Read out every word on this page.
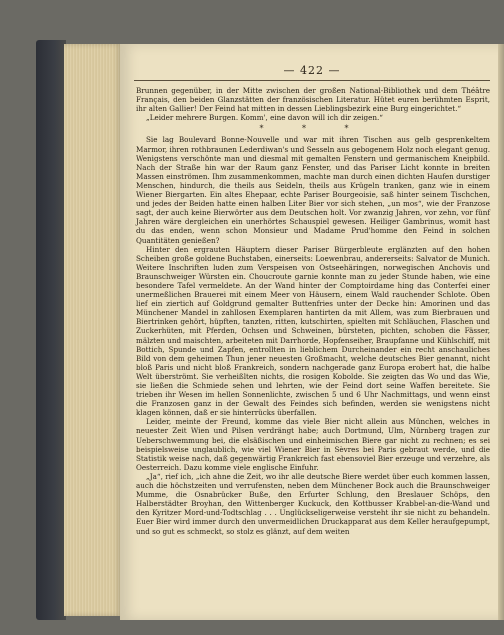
— 422 —

Brunnen gegenüber, in der Mitte zwischen der großen National-Bibliothek und dem Théâtre Français, den beiden Glanzstätten der französischen Literatur. Hütet euren berühmten Esprit, ihr alten Gallier! Der Feind hat mitten in dessen Lieblingsbezirk eine Burg eingerichtet.“

„Leider mehrere Burgen. Komm', eine davon will ich dir zeigen.“

* * *

Sie lag Boulevard Bonne-Nouvelle und war mit ihren Tischen aus gelb gesprenkeltem Marmor, ihren rothbraunen Lederdiwan's und Sesseln aus gebogenem Holz noch elegant genug. Wenigstens verschönte man und diesmal mit gemalten Fenstern und germanischem Kneipbild. Nach der Straße hin war der Raum ganz Fenster, und das Pariser Licht konnte in breiten Massen einströmen. Ihm zusammenkommen, machte man durch einen dichten Haufen durstiger Menschen, hindurch, die theils aus Seideln, theils aus Krügeln tranken, ganz wie in einem Wiener Biergarten. Ein altes Ehepaar, echte Pariser Bourgeoisie, saß hinter seinem Tischchen, und jedes der Beiden hatte einen halben Liter Bier vor sich stehen, „un mos“, wie der Franzose sagt, der auch keine Bierwörter aus dem Deutschen holt. Vor zwanzig Jahren, vor zehn, vor fünf Jahren wäre dergleichen ein unerhörtes Schauspiel gewesen. Heiliger Gambrinus, womit hast du das enden, wenn schon Monsieur und Madame Prud'homme den Feind in solchen Quantitäten genießen?

Hinter den ergrauten Häuptern dieser Pariser Bürgerbleute erglänzten auf den hohen Scheiben große goldene Buchstaben, einerseits: Loewenbrau, andererseits: Salvator de Munich. Weitere Inschriften luden zum Verspeisen von Ostseehäringen, norwegischen Anchovis und Braunschweiger Würsten ein. Choucroute garnie konnte man zu jeder Stunde haben, wie eine besondere Tafel vermeldete. An der Wand hinter der Comptoirdame hing das Conterfei einer unermeßlichen Brauerei mit einem Meer von Häusern, einem Wald rauchender Schlote. Oben lief ein ziertich auf Goldgrund gemalter Buttenfries unter der Decke hin: Amorinen und das Münchener Mandel in zahllosen Exemplaren hantirten da mit Allem, was zum Bierbrauen und Biertrinken gehört, hüpften, tanzten, ritten, kutschirten, spielten mit Schläuchen, Flaschen und Zuckerhüten, mit Pferden, Ochsen und Schweinen, bürsteten, pichten, schoben die Fässer, mälzten und maischten, arbeiteten mit Darrhorde, Hopfenseiher, Braupfanne und Kühlschiff, mit Bottich, Spunde und Zapfen, entrollten in lieblichem Durcheinander ein recht anschauliches Bild von dem geheimen Thun jener neuesten Großmacht, welche deutsches Bier genannt, nicht bloß Paris und nicht bloß Frankreich, sondern nachgerade ganz Europa erobert hat, die halbe Welt überströmt. Sie verheißlten nichts, die rosigen Kobolde. Sie zeigten das Wo und das Wie, sie ließen die Schmiede sehen und lehrten, wie der Feind dort seine Waffen bereitete. Sie trieben ihr Wesen im hellen Sonnenlichte, zwischen 5 und 6 Uhr Nachmittags, und wenn einst die Franzosen ganz in der Gewalt des Feindes sich befinden, werden sie wenigstens nicht klagen können, daß er sie hinterrücks überfallen.

Leider, meinte der Freund, komme das viele Bier nicht allein aus München, welches in neuester Zeit Wien und Pilsen verdrängt habe; auch Dortmund, Ulm, Nürnberg tragen zur Ueberschwemmung bei, die elsäßischen und einheimischen Biere gar nicht zu rechnen; es sei beispielsweise unglaublich, wie viel Wiener Bier in Sèvres bei Paris gebraut werde, und die Statistik weise nach, daß gegenwärtig Frankreich fast ebensoviel Bier erzeuge und verzehre, als Oesterreich. Dazu komme viele englische Einfuhr.

„Ja“, rief ich, „ich ahne die Zeit, wo ihr alle deutsche Biere werdet über euch kommen lassen, auch die höchstzeiten und verrufensten, neben dem Münchener Bock auch die Braunschweiger Mumme, die Osnabrücker Buße, den Erfurter Schlung, den Breslauer Schöps, den Halberstädter Broyhan, den Wittenberger Kuckuck, den Kottbusser Krabbel-an-die-Wand und den Kyritzer Mord-und-Todtschlag . . . Unglückseligerweise versteht ihr sie nicht zu behandeln. Euer Bier wird immer durch den unvermeidlichen Druckapparat aus dem Keller heraufgepumpt, und so gut es schmeckt, so stolz es glänzt, auf dem weiten
